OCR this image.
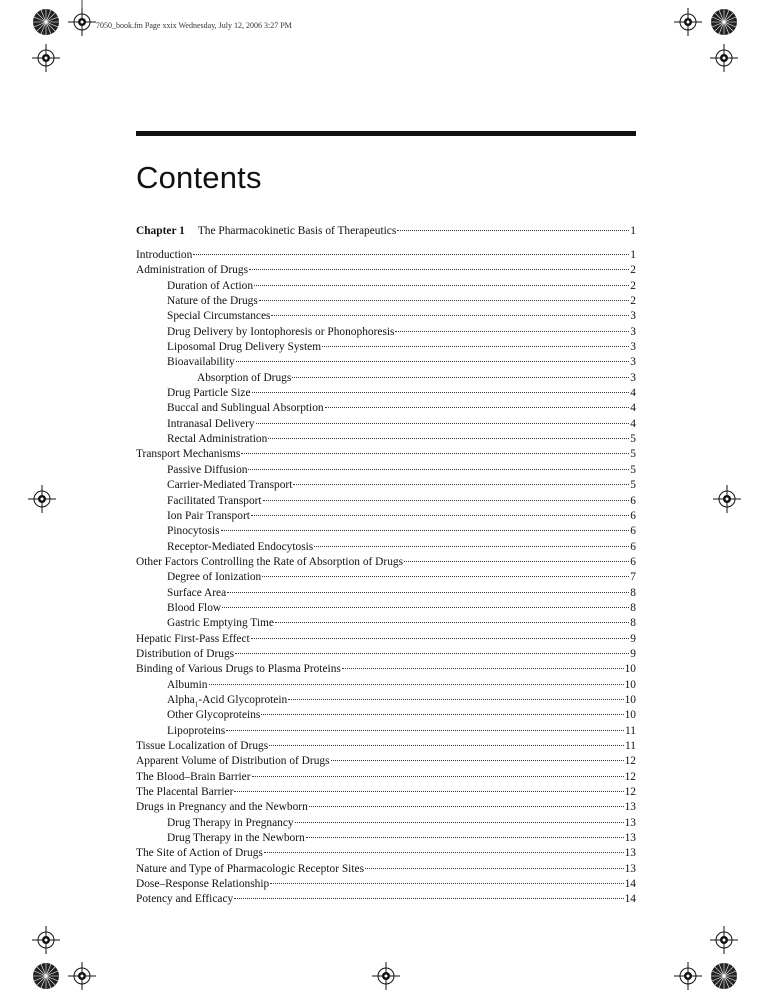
7050_book.fm Page xxix Wednesday, July 12, 2006 3:27 PM
Contents
Chapter 1 The Pharmacokinetic Basis of Therapeutics	1
Introduction	1
Administration of Drugs	2
Duration of Action	2
Nature of the Drugs	2
Special Circumstances	3
Drug Delivery by Iontophoresis or Phonophoresis	3
Liposomal Drug Delivery System	3
Bioavailability	3
Absorption of Drugs	3
Drug Particle Size	4
Buccal and Sublingual Absorption	4
Intranasal Delivery	4
Rectal Administration	5
Transport Mechanisms	5
Passive Diffusion	5
Carrier-Mediated Transport	5
Facilitated Transport	6
Ion Pair Transport	6
Pinocytosis	6
Receptor-Mediated Endocytosis	6
Other Factors Controlling the Rate of Absorption of Drugs	6
Degree of Ionization	7
Surface Area	8
Blood Flow	8
Gastric Emptying Time	8
Hepatic First-Pass Effect	9
Distribution of Drugs	9
Binding of Various Drugs to Plasma Proteins	10
Albumin	10
Alpha$_1$-Acid Glycoprotein	10
Other Glycoproteins	10
Lipoproteins	11
Tissue Localization of Drugs	11
Apparent Volume of Distribution of Drugs	12
The Blood–Brain Barrier	12
The Placental Barrier	12
Drugs in Pregnancy and the Newborn	13
Drug Therapy in Pregnancy	13
Drug Therapy in the Newborn	13
The Site of Action of Drugs	13
Nature and Type of Pharmacologic Receptor Sites	13
Dose–Response Relationship	14
Potency and Efficacy	14
